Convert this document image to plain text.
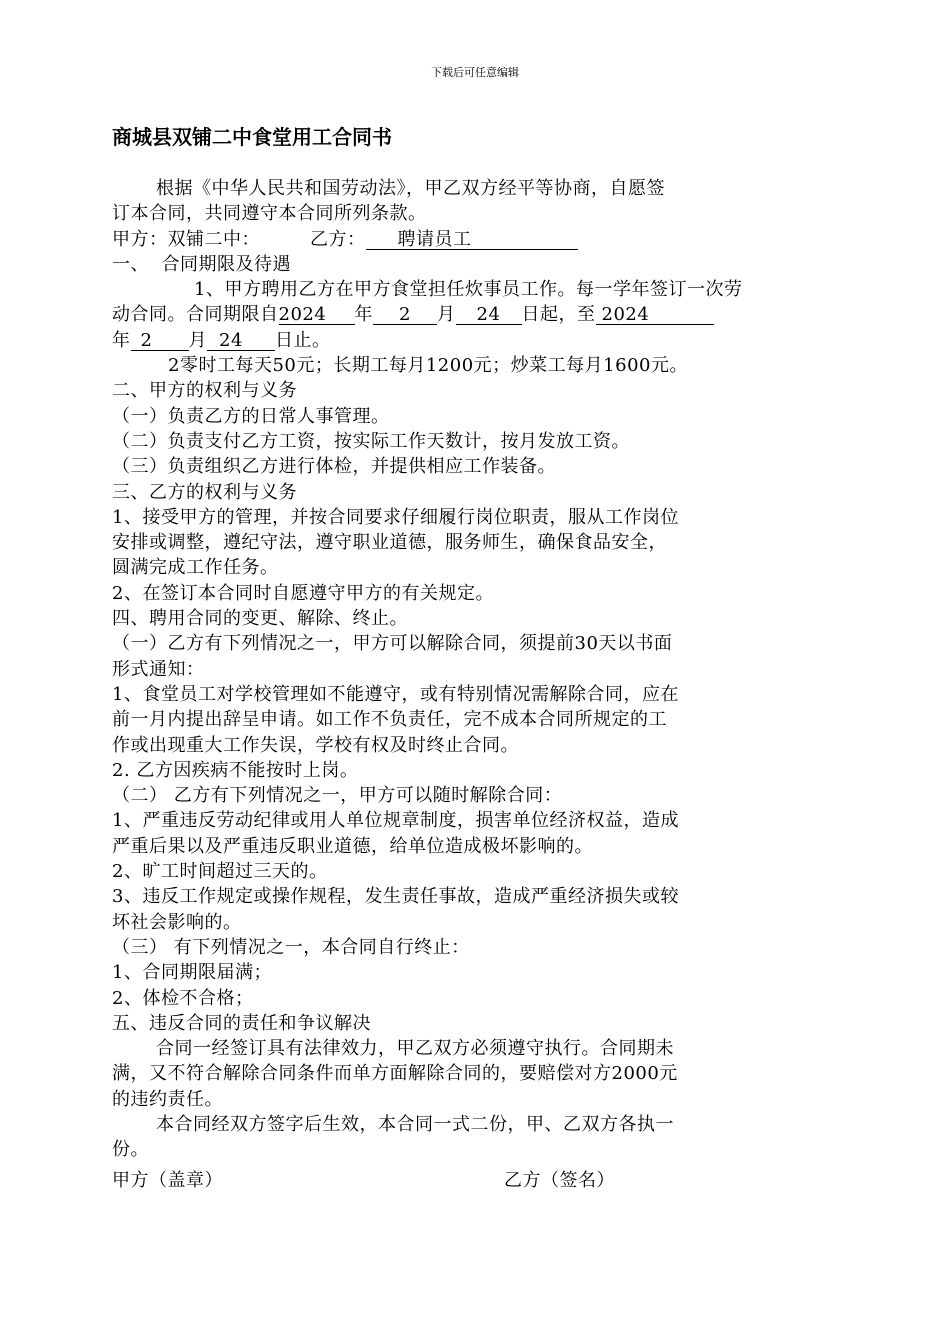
下载后可任意编辑
商城县双铺二中食堂用工合同书
根据《中华人民共和国劳动法》，甲乙双方经平等协商，自愿签
订本合同，共同遵守本合同所列条款。
甲方：双铺二中：	乙方： 聘请员工
一、  合同期限及待遇
1、甲方聘用乙方在甲方食堂担任炊事员工作。每一学年签订一次劳
动合同。合同期限自2024 年 2 月 24 日起，至 2024
年 2 月 24 日止。
2零时工每天50元；长期工每月1200元；炒菜工每月1600元。
二、甲方的权利与义务
（一）负责乙方的日常人事管理。
（二）负责支付乙方工资，按实际工作天数计，按月发放工资。
（三）负责组织乙方进行体检，并提供相应工作装备。
三、乙方的权利与义务
1、接受甲方的管理，并按合同要求仔细履行岗位职责，服从工作岗位
安排或调整，遵纪守法，遵守职业道德，服务师生，确保食品安全，
圆满完成工作任务。
2、在签订本合同时自愿遵守甲方的有关规定。
四、聘用合同的变更、解除、终止。
（一）乙方有下列情况之一，甲方可以解除合同，须提前30天以书面
形式通知：
1、食堂员工对学校管理如不能遵守，或有特别情况需解除合同，应在
前一月内提出辞呈申请。如工作不负责任，完不成本合同所规定的工
作或出现重大工作失误，学校有权及时终止合同。
2. 乙方因疾病不能按时上岗。
（二） 乙方有下列情况之一，甲方可以随时解除合同：
1、严重违反劳动纪律或用人单位规章制度，损害单位经济权益，造成
严重后果以及严重违反职业道德，给单位造成极坏影响的。
2、旷工时间超过三天的。
3、违反工作规定或操作规程，发生责任事故，造成严重经济损失或较
坏社会影响的。
（三） 有下列情况之一，本合同自行终止：
1、合同期限届满；
2、体检不合格；
五、违反合同的责任和争议解决
合同一经签订具有法律效力，甲乙双方必须遵守执行。合同期未
满，又不符合解除合同条件而单方面解除合同的，要赔偿对方2000元
的违约责任。
本合同经双方签字后生效，本合同一式二份，甲、乙双方各执一
份。
甲方（盖章）	乙方（签名）
